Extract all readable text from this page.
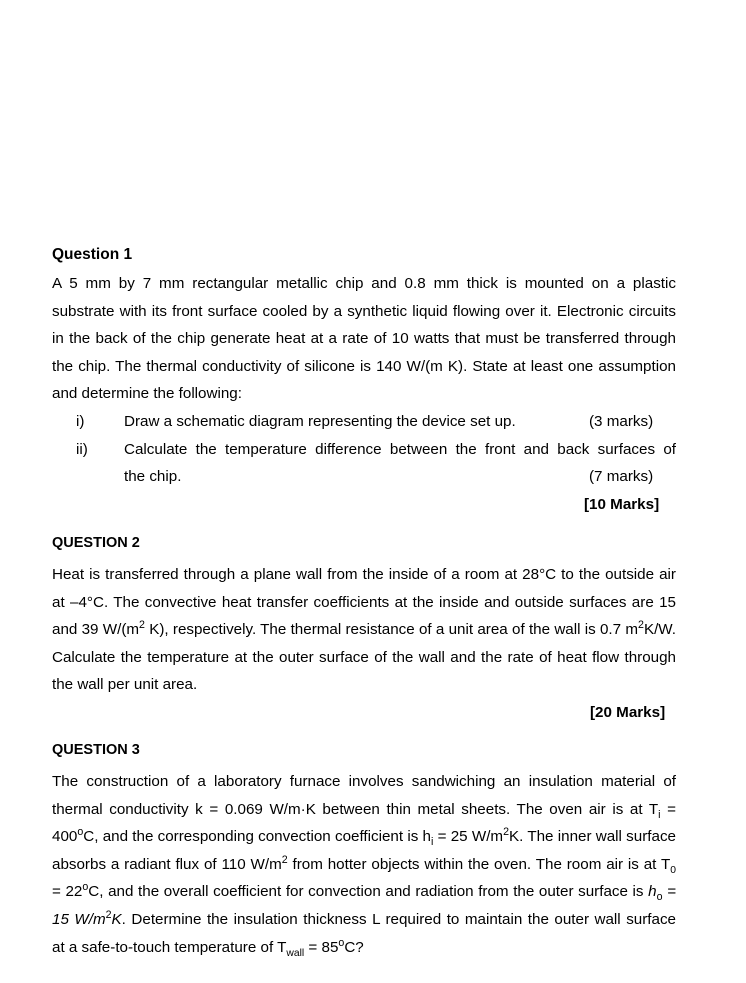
Question 1

A 5 mm by 7 mm rectangular metallic chip and 0.8 mm thick is mounted on a plastic substrate with its front surface cooled by a synthetic liquid flowing over it. Electronic circuits in the back of the chip generate heat at a rate of 10 watts that must be transferred through the chip. The thermal conductivity of silicone is 140 W/(m K). State at least one assumption and determine the following:

i)	Draw a schematic diagram representing the device set up.	(3 marks)
ii) Calculate the temperature difference between the front and back surfaces of
the chip.	(7 marks)
[10 Marks]
QUESTION 2

Heat is transferred through a plane wall from the inside of a room at 28°C to the outside air at –4°C. The convective heat transfer coefficients at the inside and outside surfaces are 15 and 39 $W/(m^2$ K), respectively. The thermal resistance of a unit area of the wall is 0.7 $m^2K/W$. Calculate the temperature at the outer surface of the wall and the rate of heat flow through the wall per unit area.

[20 Marks]
QUESTION 3

The construction of a laboratory furnace involves sandwiching an insulation material of thermal conductivity k = 0.069 W/m·K between thin metal sheets. The oven air is at $T_i = 400^oC$, and the corresponding convection coefficient is $h_i = 25$ $W/m^2K$. The inner wall surface absorbs a radiant flux of 110 $W/m^2$ from hotter objects within the oven. The room air is at $T_0 = 22^oC$, and the overall coefficient for convection and radiation from the outer surface is $h_o = 15$ $W/m^2K$. Determine the insulation thickness L required to maintain the outer wall surface at a safe-to-touch temperature of $T_{wall} = 85^oC$?
